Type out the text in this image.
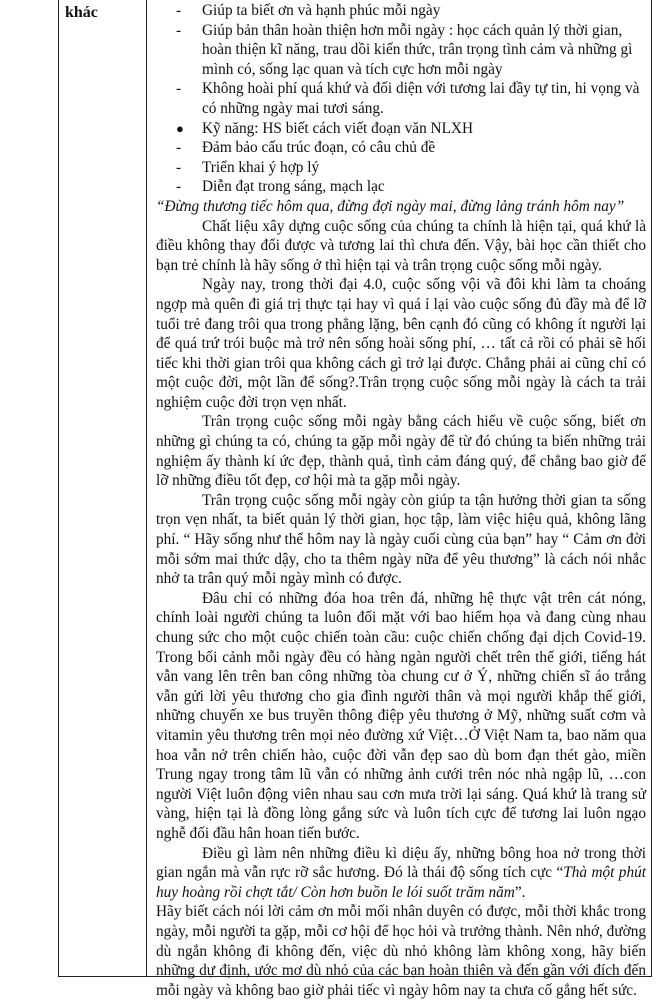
khác	- Giúp ta biết ơn và hạnh phúc mỗi ngày
- Giúp bản thân hoàn thiện hơn mỗi ngày : học cách quản lý thời gian, hoàn thiện kĩ năng, trau dồi kiến thức, trân trọng tình cảm và những gì mình có, sống lạc quan và tích cực hơn mỗi ngày
- Không hoài phí quá khứ và đối diện với tương lai đầy tự tin, hi vọng và có những ngày mai tươi sáng.
● Kỹ năng: HS biết cách viết đoạn văn NLXH
- Đảm bảo cấu trúc đoạn, có câu chủ đề
- Triển khai ý hợp lý
- Diễn đạt trong sáng, mạch lạc
“Đừng thương tiếc hôm qua, đừng đợi ngày mai, đừng lảng tránh hôm nay”
Chất liệu xây dựng cuộc sống của chúng ta chính là hiện tại, quá khứ là điều không thay đổi được và tương lai thì chưa đến. Vậy, bài học cần thiết cho bạn trẻ chính là hãy sống ở thì hiện tại và trân trọng cuộc sống mỗi ngày.
Ngày nay, trong thời đại 4.0, cuộc sống vội vã đôi khi làm ta choáng ngợp mà quên đi giá trị thực tại hay vì quá ỉ lại vào cuộc sống đủ đầy mà để lỡ tuổi trẻ đang trôi qua trong phẳng lặng, bên cạnh đó cũng có không ít người lại để quá trứ trói buộc mà trở nên sống hoài sống phí, … tất cả rồi có phải sẽ hối tiếc khi thời gian trôi qua không cách gì trở lại được. Chẳng phải ai cũng chỉ có một cuộc đời, một lần để sống?.Trân trọng cuộc sống mỗi ngày là cách ta trải nghiệm cuộc đời trọn vẹn nhất.
Trân trọng cuộc sống mỗi ngày bằng cách hiểu về cuộc sống, biết ơn những gì chúng ta có, chúng ta gặp mỗi ngày để từ đó chúng ta biến những trải nghiệm ấy thành kí ức đẹp, thành quả, tình cảm đáng quý, để chẳng bao giờ để lỡ những điều tốt đẹp, cơ hội mà ta gặp mỗi ngày.
Trân trọng cuộc sống mỗi ngày còn giúp ta tận hưởng thời gian ta sống trọn vẹn nhất, ta biết quản lý thời gian, học tập, làm việc hiệu quả, không lãng phí. “ Hãy sống như thể hôm nay là ngày cuối cùng của bạn” hay “ Cảm ơn đời mỗi sớm mai thức dậy, cho ta thêm ngày nữa để yêu thương” là cách nói nhắc nhở ta trân quý mỗi ngày mình có được.
Đâu chỉ có những đóa hoa trên đá, những hệ thực vật trên cát nóng, chính loài người chúng ta luôn đối mặt với bao hiểm họa và đang cùng nhau chung sức cho một cuộc chiến toàn cầu: cuộc chiến chống đại dịch Covid-19. Trong bối cảnh mỗi ngày đều có hàng ngàn người chết trên thế giới, tiếng hát vẫn vang lên trên ban công những tòa chung cư ở Ý, những chiến sĩ áo trắng vẫn gửi lời yêu thương cho gia đình người thân và mọi người khắp thế giới, những chuyến xe bus truyền thông điệp yêu thương ở Mỹ, những suất cơm và vitamin yêu thương trên mọi nẻo đường xứ Việt…Ở Việt Nam ta, bao năm qua hoa vẫn nở trên chiến hào, cuộc đời vẫn đẹp sao dù bom đạn thét gào, miền Trung ngay trong tâm lũ vẫn có những ảnh cưới trên nóc nhà ngập lũ, …con người Việt luôn động viên nhau sau cơn mưa trời lại sáng. Quá khứ là trang sử vàng, hiện tại là đồng lòng gắng sức và luôn tích cực để tương lai luôn ngạo nghễ đối đầu hân hoan tiến bước.
Điều gì làm nên những điều kì diệu ấy, những bông hoa nở trong thời gian ngắn mà vẫn rực rỡ sắc hương. Đó là thái độ sống tích cực “Thà một phút huy hoàng rồi chợt tắt/ Còn hơn buồn le lói suốt trăm năm”.
Hãy biết cách nói lời cảm ơn mỗi mối nhân duyên có được, mỗi thời khắc trong ngày, mỗi người ta gặp, mỗi cơ hội để học hỏi và trưởng thành. Nên nhớ, đường dù ngắn không đi không đến, việc dù nhỏ không làm không xong, hãy biến những dự định, ước mơ dù nhỏ của các bạn hoàn thiện và đến gần với đích đến mỗi ngày và không bao giờ phải tiếc vì ngày hôm nay ta chưa cố gắng hết sức.
